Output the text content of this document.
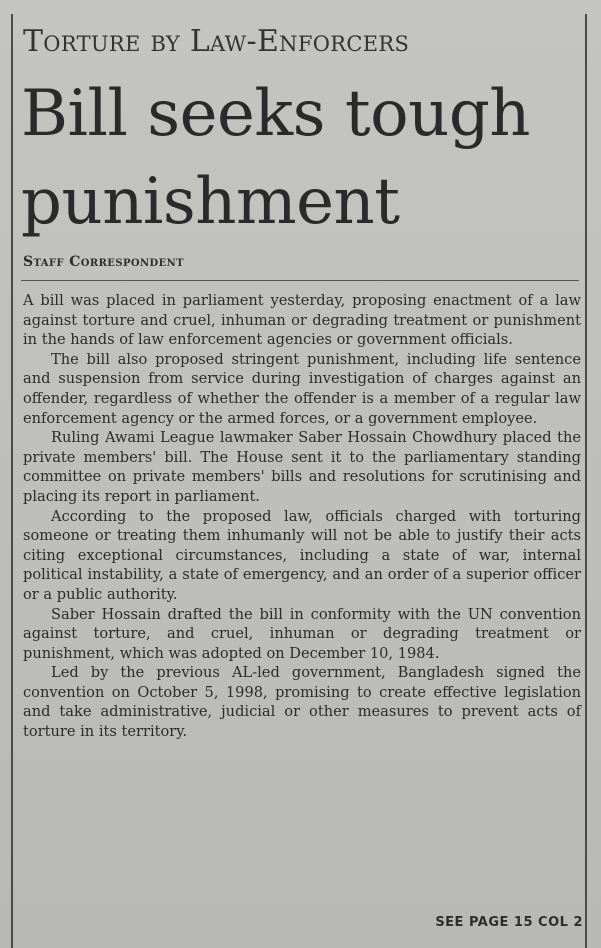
Torture by Law-Enforcers
Bill seeks tough punishment
Staff Correspondent

A bill was placed in parliament yesterday, proposing enactment of a law against torture and cruel, inhuman or degrading treatment or punishment in the hands of law enforcement agencies or government officials.

The bill also proposed stringent punishment, including life sentence and suspension from service during investigation of charges against an offender, regardless of whether the offender is a member of a regular law enforcement agency or the armed forces, or a government employee.

Ruling Awami League lawmaker Saber Hossain Chowdhury placed the private members' bill. The House sent it to the parliamentary standing committee on private members' bills and resolutions for scrutinising and placing its report in parliament.

According to the proposed law, officials charged with torturing someone or treating them inhumanly will not be able to justify their acts citing exceptional circumstances, including a state of war, internal political instability, a state of emergency, and an order of a superior officer or a public authority.

Saber Hossain drafted the bill in conformity with the UN convention against torture, and cruel, inhuman or degrading treatment or punishment, which was adopted on December 10, 1984.

Led by the previous AL-led government, Bangladesh signed the convention on October 5, 1998, promising to create effective legislation and take administrative, judicial or other measures to prevent acts of torture in its territory.

SEE PAGE 15 COL 2
